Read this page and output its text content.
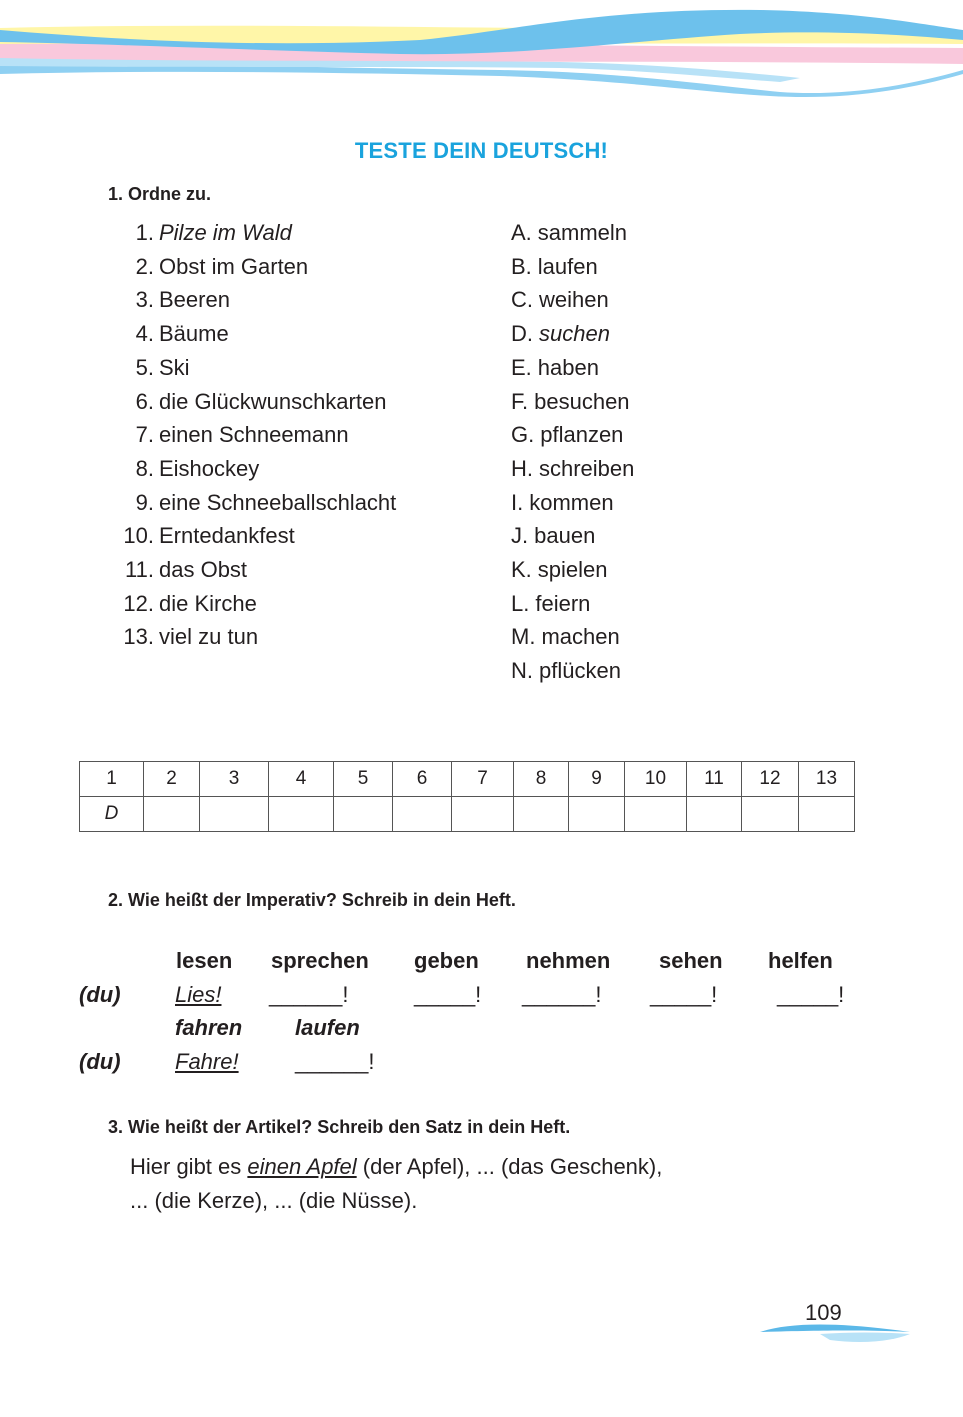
TESTE DEIN DEUTSCH!
1. Ordne zu.
1. Pilze im Wald
2. Obst im Garten
3. Beeren
4. Bäume
5. Ski
6. die Glückwunschkarten
7. einen Schneemann
8. Eishockey
9. eine Schneeballschlacht
10. Erntedankfest
11. das Obst
12. die Kirche
13. viel zu tun
A. sammeln
B. laufen
C. weihen
D. suchen
E. haben
F. besuchen
G. pflanzen
H. schreiben
I. kommen
J. bauen
K. spielen
L. feiern
M. machen
N. pflücken
1	2	3	4	5	6	7	8	9	10	11	12	13
D												
2. Wie heißt der Imperativ? Schreib in dein Heft.
lesen sprechen geben nehmen sehen helfen
(du) Lies! ______!	_____! ______! _____!	_____!
fahren laufen
(du) Fahre!	______!
3. Wie heißt der Artikel? Schreib den Satz in dein Heft.
Hier gibt es einen Apfel (der Apfel), ... (das Geschenk),
... (die Kerze), ... (die Nüsse).
109
